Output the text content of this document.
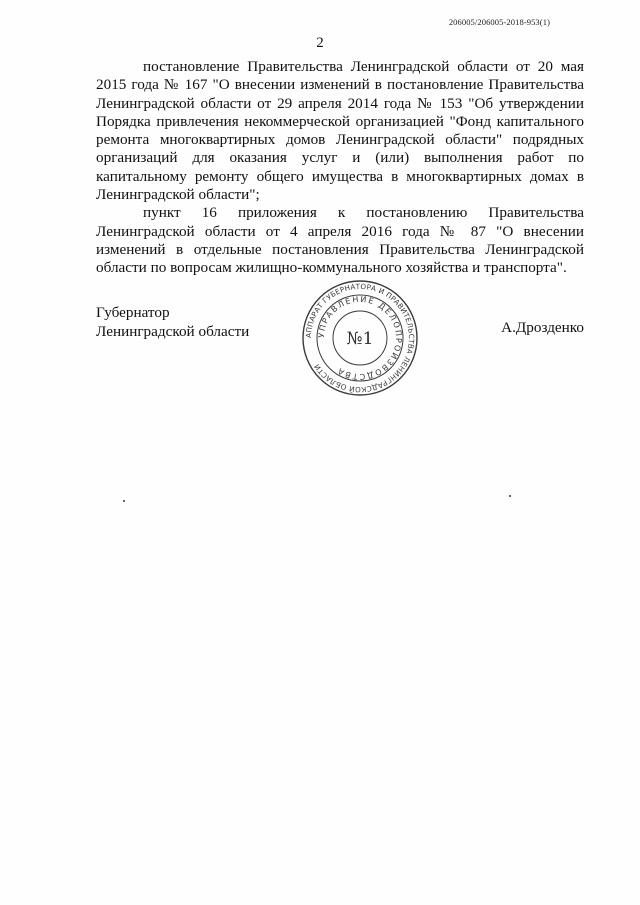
206005/206005-2018-953(1)
2

постановление Правительства Ленинградской области от 20 мая 2015 года № 167 "О внесении изменений в постановление Правительства Ленинградской области от 29 апреля 2014 года № 153 "Об утверждении Порядка привлечения некоммерческой организацией "Фонд капитального ремонта многоквартирных домов Ленинградской области" подрядных организаций для оказания услуг и (или) выполнения работ по капитальному ремонту общего имущества в многоквартирных домах в Ленинградской области";

пункт 16 приложения к постановлению Правительства Ленинградской области от 4 апреля 2016 года № 87 "О внесении изменений в отдельные постановления Правительства Ленинградской области по вопросам жилищно-коммунального хозяйства и транспорта".

Губернатор
Ленинградской области	А.Дрозденко
АППАРАТ ГУБЕРНАТОРА И ПРАВИТЕЛЬСТВА ЛЕНИНГРАДСКОЙ ОБЛАСТИ
УПРАВЛЕНИЕ ДЕЛОПРОИЗВОДСТВА
№1
